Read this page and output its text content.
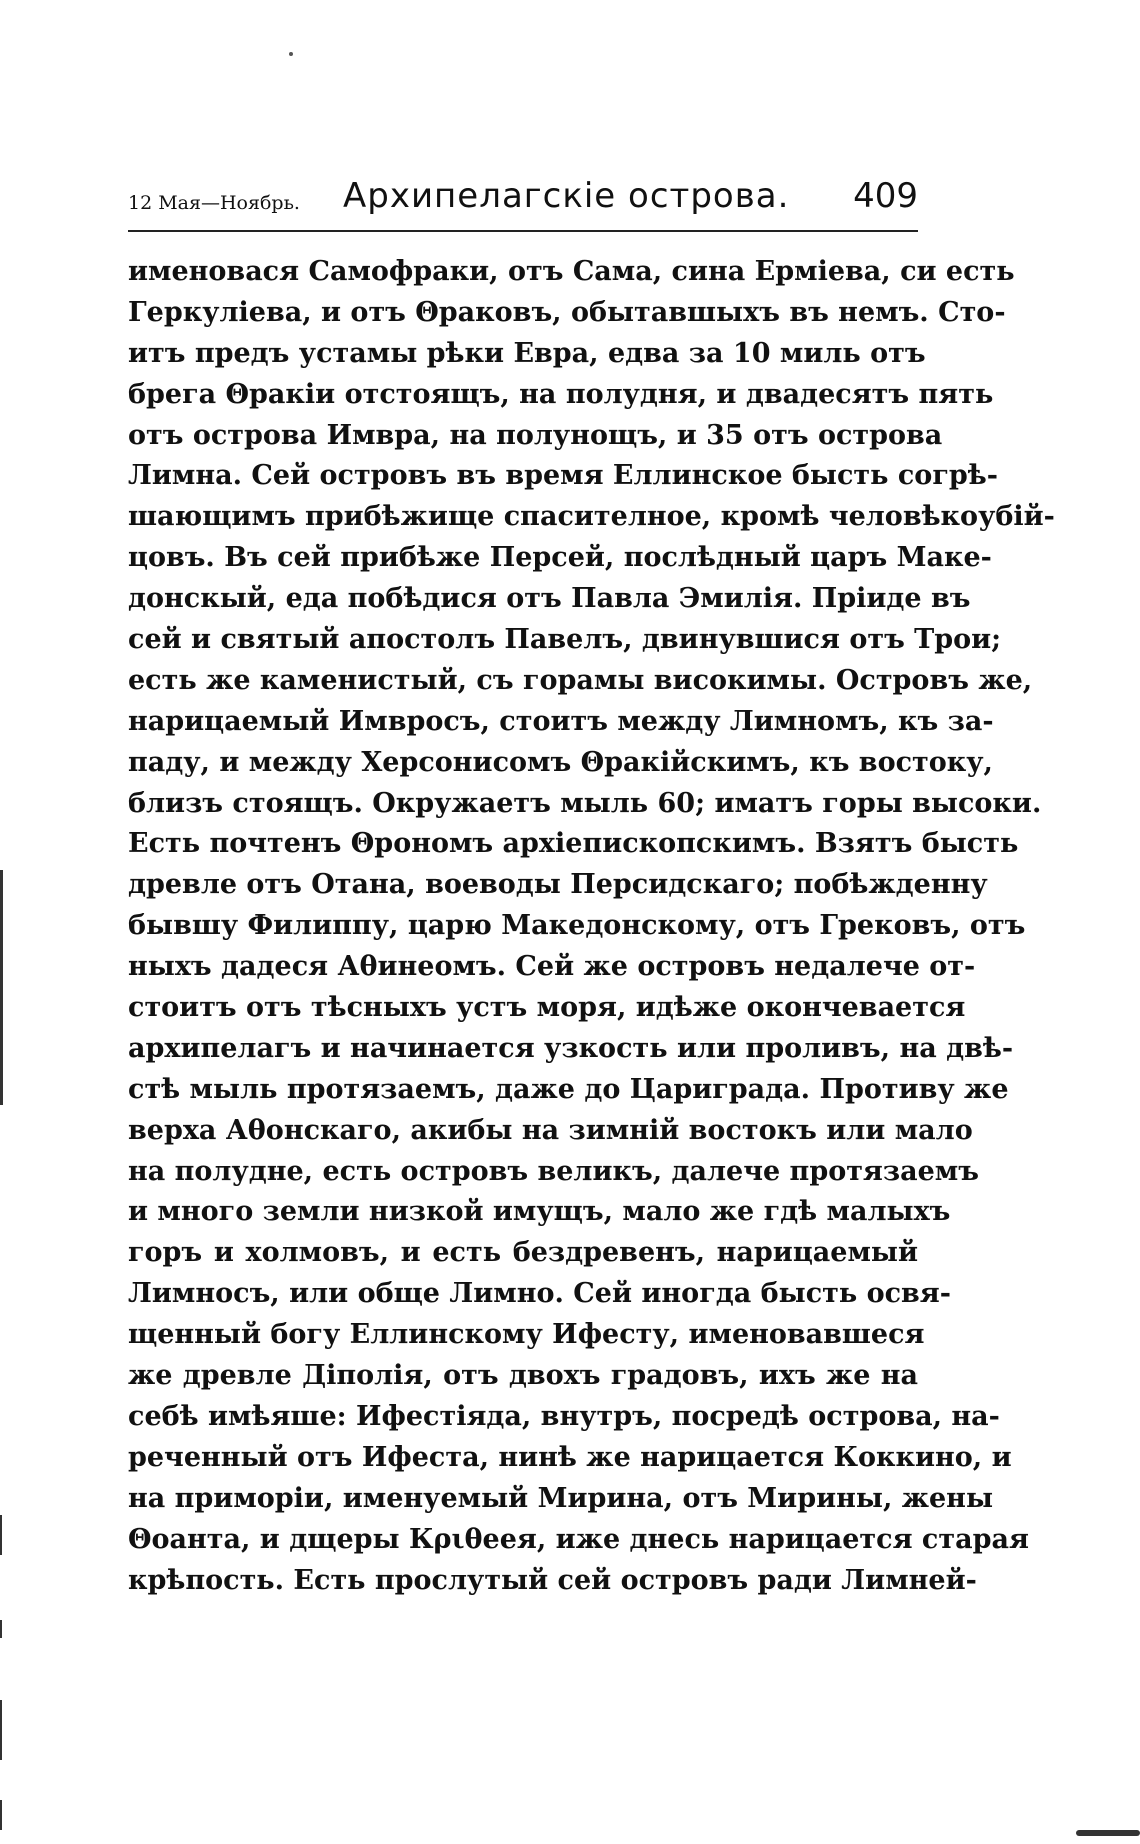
12 Мая—Ноябрь. Архипелагскіе острова. 409
именовася Самофраки, отъ Сама, сина Ерміева, си есть
Геркуліева, и отъ Θраковъ, обытавшыхъ въ немъ. Сто-
итъ предъ устамы рѣки Евра, едва за 10 миль отъ
брега Θракіи отстоящъ, на полудня, и двадесятъ пять
отъ острова Имвра, на полунощъ, и 35 отъ острова
Лимна. Сей островъ въ время Еллинское бысть согрѣ-
шающимъ прибѣжище спасителное, кромѣ человѣкоубій-
цовъ. Въ сей прибѣже Персей, послѣдный царъ Маке-
донскый, еда побѣдися отъ Павла Эмилія. Пріиде въ
сей и святый апостолъ Павелъ, двинувшися отъ Трои;
есть же каменистый, съ горамы високимы. Островъ же,
нарицаемый Имвросъ, стоитъ между Лимномъ, къ за-
паду, и между Херсонисомъ Θракійскимъ, къ востоку,
близъ стоящъ. Окружаетъ мыль 60; иматъ горы высоки.
Есть почтенъ Θрономъ архіепископскимъ. Взятъ бысть
древле отъ Отана, воеводы Персидскаго; побѣжденну
бывшу Филиппу, царю Македонскому, отъ Грековъ, отъ
ныхъ дадеся Аθинеомъ. Сей же островъ недалече от-
стоитъ отъ тѣсныхъ устъ моря, идѣже окончевается
архипелагъ и начинается узкость или проливъ, на двѣ-
стѣ мыль протязаемъ, даже до Цариграда. Противу же
верха Аθонскаго, акибы на зимній востокъ или мало
на полудне, есть островъ великъ, далече протязаемъ
и много земли низкой имущъ, мало же гдѣ малыхъ
горъ и холмовъ, и есть бездревенъ, нарицаемый
Лимносъ, или обще Лимно. Сей иногда бысть освя-
щенный богу Еллинскому Ифесту, именовавшеся
же древле Діполія, отъ двохъ градовъ, ихъ же на
себѣ имѣяше: Ифестіяда, внутръ, посредѣ острова, на-
реченный отъ Ифеста, нинѣ же нарицается Коккино, и
на приморіи, именуемый Мирина, отъ Мирины, жены
Θоанта, и дщеры Кριθеея, иже днесь нарицается старая
крѣпость. Есть прослутый сей островъ ради Лимней-
